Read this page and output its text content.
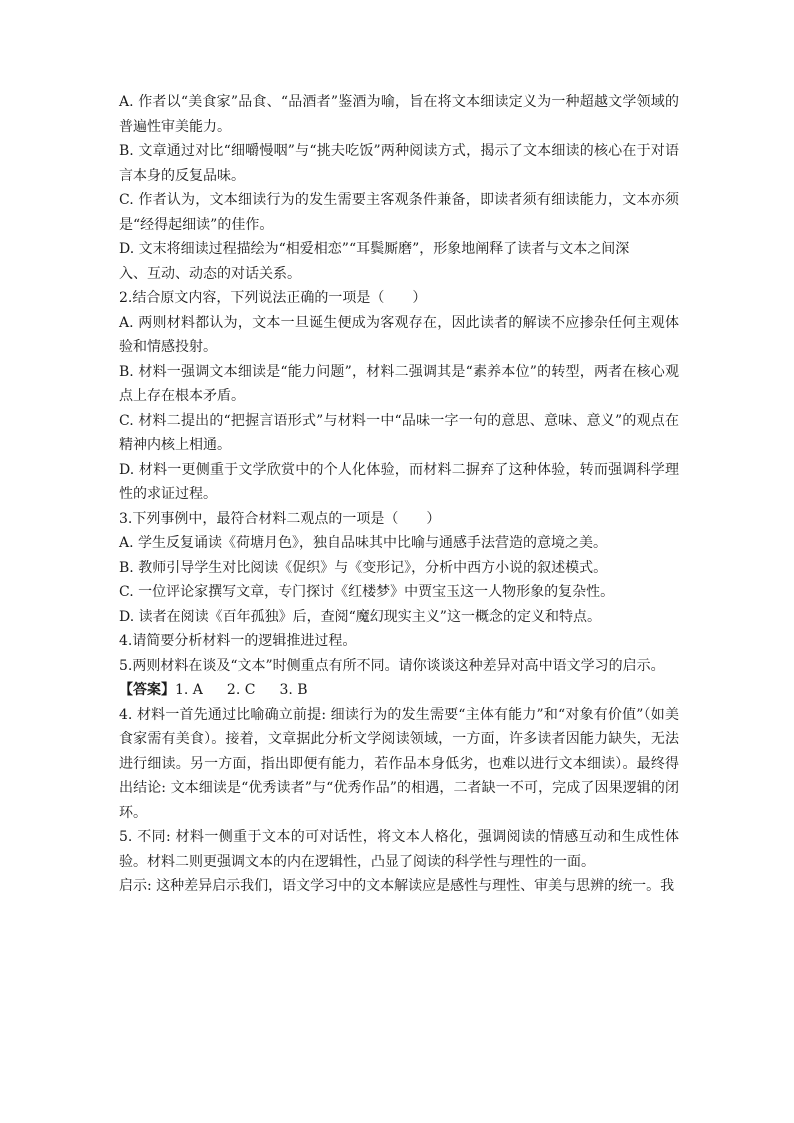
A. 作者以“美食家”品食、“品酒者”鉴酒为喻，旨在将文本细读定义为一种超越文学领域的普遍性审美能力。

B. 文章通过对比“细嚼慢咽”与“挑夫吃饭”两种阅读方式，揭示了文本细读的核心在于对语言本身的反复品味。

C. 作者认为，文本细读行为的发生需要主客观条件兼备，即读者须有细读能力，文本亦须是“经得起细读”的佳作。

D. 文末将细读过程描绘为“相爱相恋”“耳鬓厮磨”，形象地阐释了读者与文本之间深

入、互动、动态的对话关系。

2.结合原文内容，下列说法正确的一项是（　　）

A. 两则材料都认为，文本一旦诞生便成为客观存在，因此读者的解读不应掺杂任何主观体验和情感投射。

B. 材料一强调文本细读是“能力问题”，材料二强调其是“素养本位”的转型，两者在核心观点上存在根本矛盾。

C. 材料二提出的“把握言语形式”与材料一中“品味一字一句的意思、意味、意义”的观点在精神内核上相通。

D. 材料一更侧重于文学欣赏中的个人化体验，而材料二摒弃了这种体验，转而强调科学理性的求证过程。

3.下列事例中，最符合材料二观点的一项是（　　）

A. 学生反复诵读《荷塘月色》，独自品味其中比喻与通感手法营造的意境之美。

B. 教师引导学生对比阅读《促织》与《变形记》，分析中西方小说的叙述模式。

C. 一位评论家撰写文章，专门探讨《红楼梦》中贾宝玉这一人物形象的复杂性。

D. 读者在阅读《百年孤独》后，查阅“魔幻现实主义”这一概念的定义和特点。

4.请简要分析材料一的逻辑推进过程。

5.两则材料在谈及“文本”时侧重点有所不同。请你谈谈这种差异对高中语文学习的启示。

【答案】1. A 2. C 3. B

4. 材料一首先通过比喻确立前提: 细读行为的发生需要“主体有能力”和“对象有价值”（如美食家需有美食）。接着，文章据此分析文学阅读领域，一方面，许多读者因能力缺失，无法进行细读。另一方面，指出即便有能力，若作品本身低劣，也难以进行文本细读）。最终得出结论: 文本细读是“优秀读者”与“优秀作品”的相遇，二者缺一不可，完成了因果逻辑的闭环。

5. 不同: 材料一侧重于文本的可对话性，将文本人格化，强调阅读的情感互动和生成性体验。材料二则更强调文本的内在逻辑性，凸显了阅读的科学性与理性的一面。

启示: 这种差异启示我们，语文学习中的文本解读应是感性与理性、审美与思辨的统一。我
